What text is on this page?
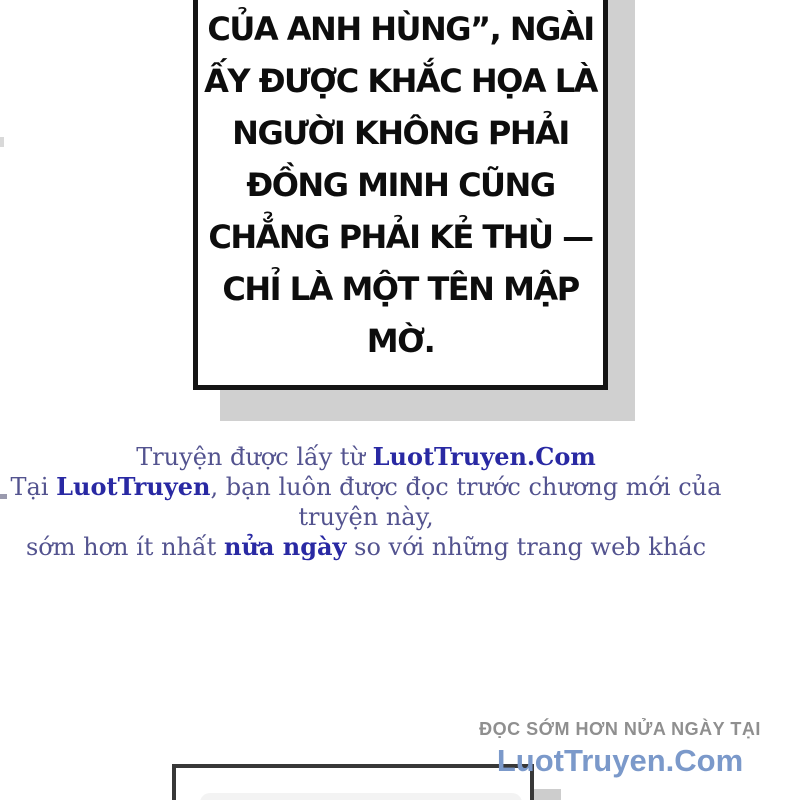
CỦA ANH HÙNG”, NGÀI

ẤY ĐƯỢC KHẮC HỌA LÀ

NGƯỜI KHÔNG PHẢI

ĐỒNG MINH CŨNG

CHẲNG PHẢI KẺ THÙ —

CHỈ LÀ MỘT TÊN MẬP

MỜ.

Truyện được lấy từ LuotTruyen.Com

Tại LuotTruyen, bạn luôn được đọc trước chương mới của truyện này,

sớm hơn ít nhất nửa ngày so với những trang web khác

ĐỌC SỚM HƠN NỬA NGÀY TẠI
LuotTruyen.Com
